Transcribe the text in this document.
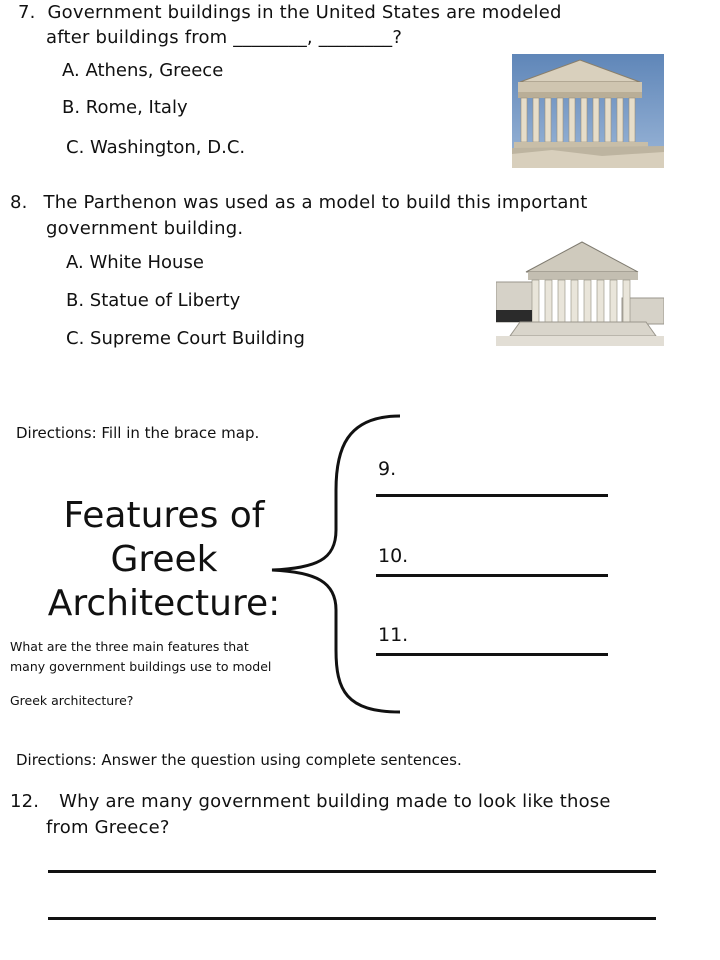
7. Government buildings in the United States are modeled
after buildings from ________, ________?
A. Athens, Greece
B. Rome, Italy
C. Washington, D.C.
8. The Parthenon was used as a model to build this important
government building.
A. White House
B. Statue of Liberty
C. Supreme Court Building
Directions: Fill in the brace map.
Features of
Greek
Architecture:
What are the three main features that
many government buildings use to model
Greek architecture?
9.
10.
11.
Directions: Answer the question using complete sentences.
12. Why are many government building made to look like those
from Greece?
